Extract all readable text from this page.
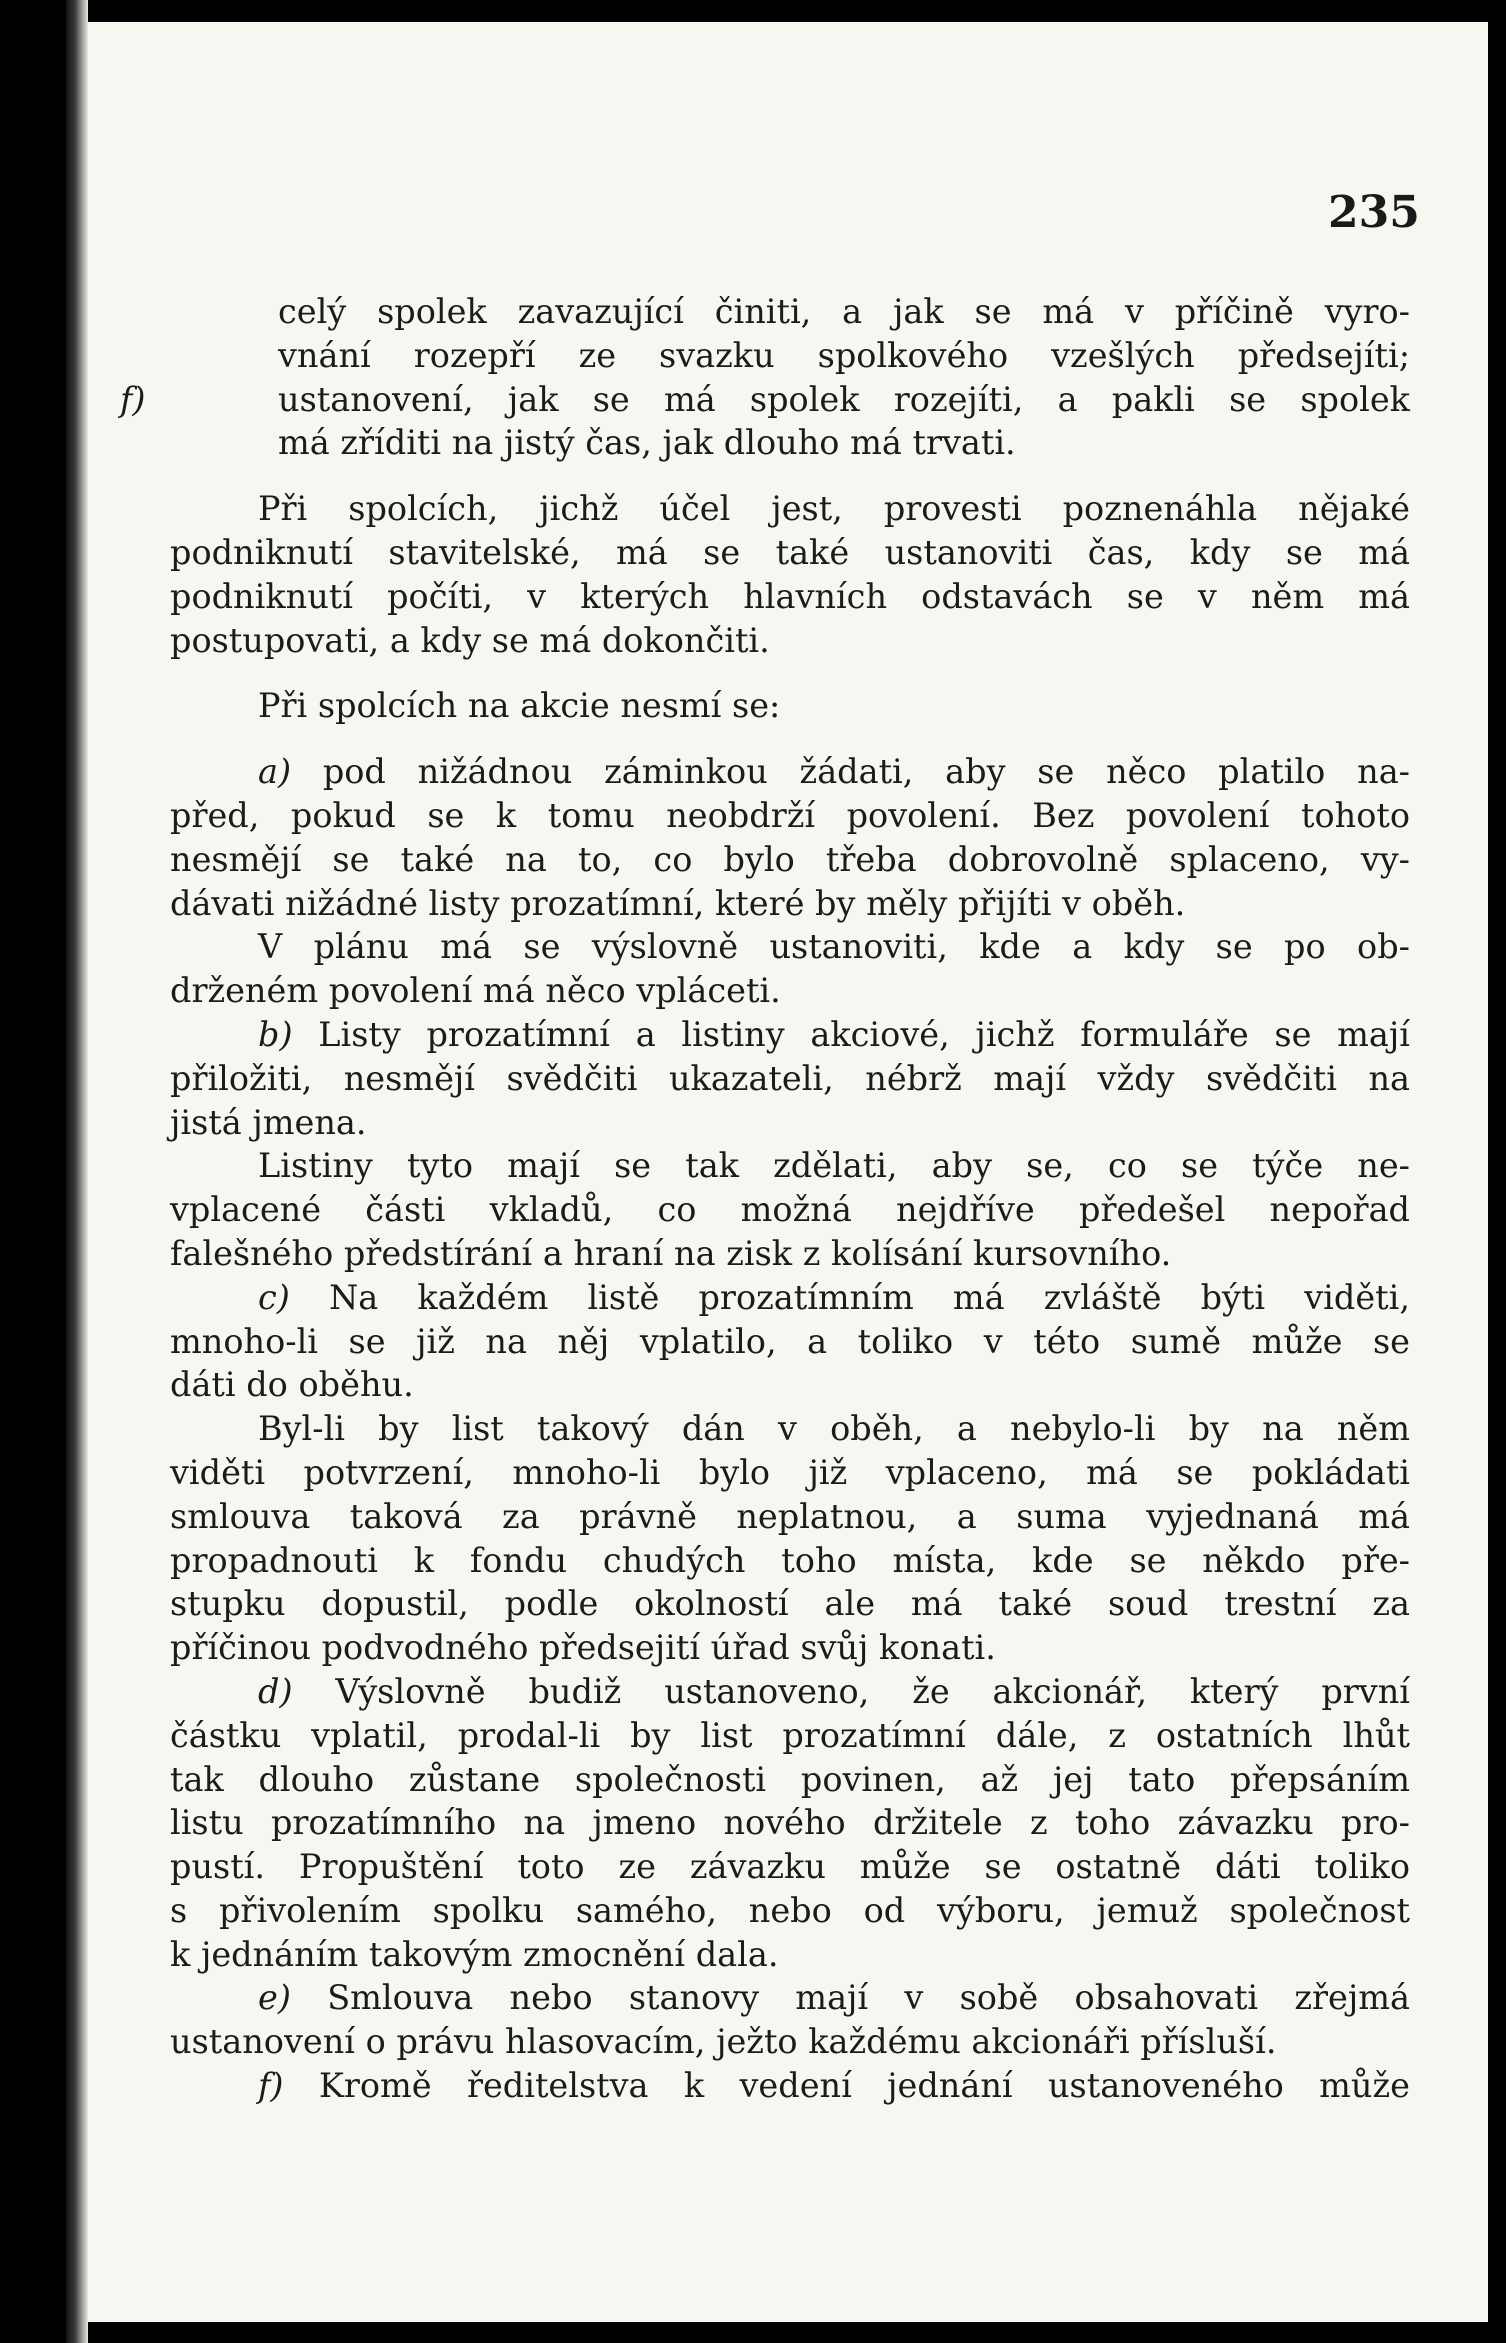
235
celý spolek zavazující činiti, a jak se má v příčině vyro-
vnání rozepří ze svazku spolkového vzešlých předsejíti;
f)	ustanovení, jak se má spolek rozejíti, a pakli se spolek
má zříditi na jistý čas, jak dlouho má trvati.
Při spolcích, jichž účel jest, provesti poznenáhla nějaké
podniknutí stavitelské, má se také ustanoviti čas, kdy se má
podniknutí počíti, v kterých hlavních odstavách se v něm má
postupovati, a kdy se má dokončiti.
Při spolcích na akcie nesmí se:
a) pod nižádnou záminkou žádati, aby se něco platilo na-
před, pokud se k tomu neobdrží povolení. Bez povolení tohoto
nesmějí se také na to, co bylo třeba dobrovolně splaceno, vy-
dávati nižádné listy prozatímní, které by měly přijíti v oběh.
V plánu má se výslovně ustanoviti, kde a kdy se po ob-
drženém povolení má něco vpláceti.
b) Listy prozatímní a listiny akciové, jichž formuláře se mají
přiložiti, nesmějí svědčiti ukazateli, nébrž mají vždy svědčiti na
jistá jmena.
Listiny tyto mají se tak zdělati, aby se, co se týče ne-
vplacené části vkladů, co možná nejdříve předešel nepořad
falešného předstírání a hraní na zisk z kolísání kursovního.
c) Na každém listě prozatímním má zvláště býti viděti,
mnoho-li se již na něj vplatilo, a toliko v této sumě může se
dáti do oběhu.
Byl-li by list takový dán v oběh, a nebylo-li by na něm
viděti potvrzení, mnoho-li bylo již vplaceno, má se pokládati
smlouva taková za právně neplatnou, a suma vyjednaná má
propadnouti k fondu chudých toho místa, kde se někdo pře-
stupku dopustil, podle okolností ale má také soud trestní za
příčinou podvodného předsejití úřad svůj konati.
d) Výslovně budiž ustanoveno, že akcionář, který první
částku vplatil, prodal-li by list prozatímní dále, z ostatních lhůt
tak dlouho zůstane společnosti povinen, až jej tato přepsáním
listu prozatímního na jmeno nového držitele z toho závazku pro-
pustí. Propuštění toto ze závazku může se ostatně dáti toliko
s přivolením spolku samého, nebo od výboru, jemuž společnost
k jednáním takovým zmocnění dala.
e) Smlouva nebo stanovy mají v sobě obsahovati zřejmá
ustanovení o právu hlasovacím, ježto každému akcionáři přísluší.
f) Kromě ředitelstva k vedení jednání ustanoveného může
